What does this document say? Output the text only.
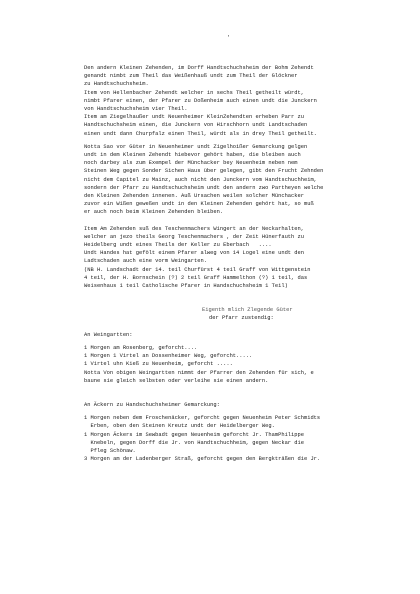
'

Den andern Kleinen Zehenden, im Dorff Handtschuchsheim der Bohm Zehendt

genandt nimbt zum Theil das Weißenhauß undt zum Theil der Glöckner

zu Handtschuchsheim.

Item von Hellenbacher Zehendt welcher in sechs Theil getheilt würdt,

nimbt Pfarer einen, der Pfarer zu Doßenheim auch einen undt die Junckern

von Handtschuchsheim vier Theil.

Item am Ziegelhaußer undt Neuenheimer KleinZehendten erheben Parr zu

Handtschuchsheim einen, die Junckern von Hirschhorn undt Landtschaden

einen undt dann Churpfalz einen Theil, würdt als in drey Theil getheilt.

Notta Sao vor Güter in Neuenheimer undt Zigelhoißer Gemarckung gelgen

undt in dem Kleinen Zehendt hiebevor gehört haben, die bleiben auch

noch darbey als zum Exempel der Münchacker bey Neuenheim neben nem

Steinen Weg gegen Sonder Sichen Haus über gelegen, gibt den Frucht Zehnden

nicht dem Capitel zu Mainz, auch nicht den Junckern vom Handtschuchheim,

sondern der Pfarr zu Handtschuchsheim undt den andern zwo Partheyen welche

den Kleinen Zehenden innenen. Auß Ursachen weilen solcher Münchacker

zuvor ein Wißen geweßen undt in den Kleinen Zehenden gehört hat, so muß

er auch noch beim Kleinen Zehenden bleiben.

Item Am Zehenden suß des Teschenmachers Wingert an der Neckarhalten,

welcher an jezo theils Georg Teschenmachers , der Zeit Hünerfauth zu

Heidelberg undt eines Theils der Keller zu Eberbach   ....

Undt Handes hat gefölt einem Pfarer alweg von 14 Logel eine undt den

Ladtschaden auch eine vorm Weingarten.

(NB H. Landschadt der 14. teil Churfürst 4 teil Graff von Wittgenstein

4 teil, der H. Bornschein (?) 2 teil Graff Hammelthon (?) 1 teil, das

Weisenhaus 1 teil Catholische Pfarer in Handschuchsheim 1 Teil)

Eigenth mlich Zlegende Güter

der Pfarr zustendig:

An Weingartten:

1 Morgen am Rosenberg, geforcht....

1 Morgen 1 Virtel an Dossenheimer Weg, geforcht.....

1 Virtel uhn Kieß zu Neuenheim, geforcht .....

Notta Von obigen Weingartten nimmt der Pfarrer den Zehenden für sich, e

baune sie gleich selbsten oder verleihe sie einen andern.

An Äckern zu Handschuchsheimer Gemarckung:

1 Morgen neben dem Froschenäcker, geforcht gegen Neuenheim Peter Schmidts

Erben, oben den Steinen Kreutz undt der Heidelberger Weg.

1 Morgen Äckers im Sewbadt gegen Neuenheim geforcht Jr. ThamPhilippe

Knebeln, gegen Dorff die Jr. von Handtschuchheim, gegen Neckar die

Pfleg Schönaw.

3 Morgen am der Ladenberger Straß, geforcht gegen den Bergkträßen die Jr.
